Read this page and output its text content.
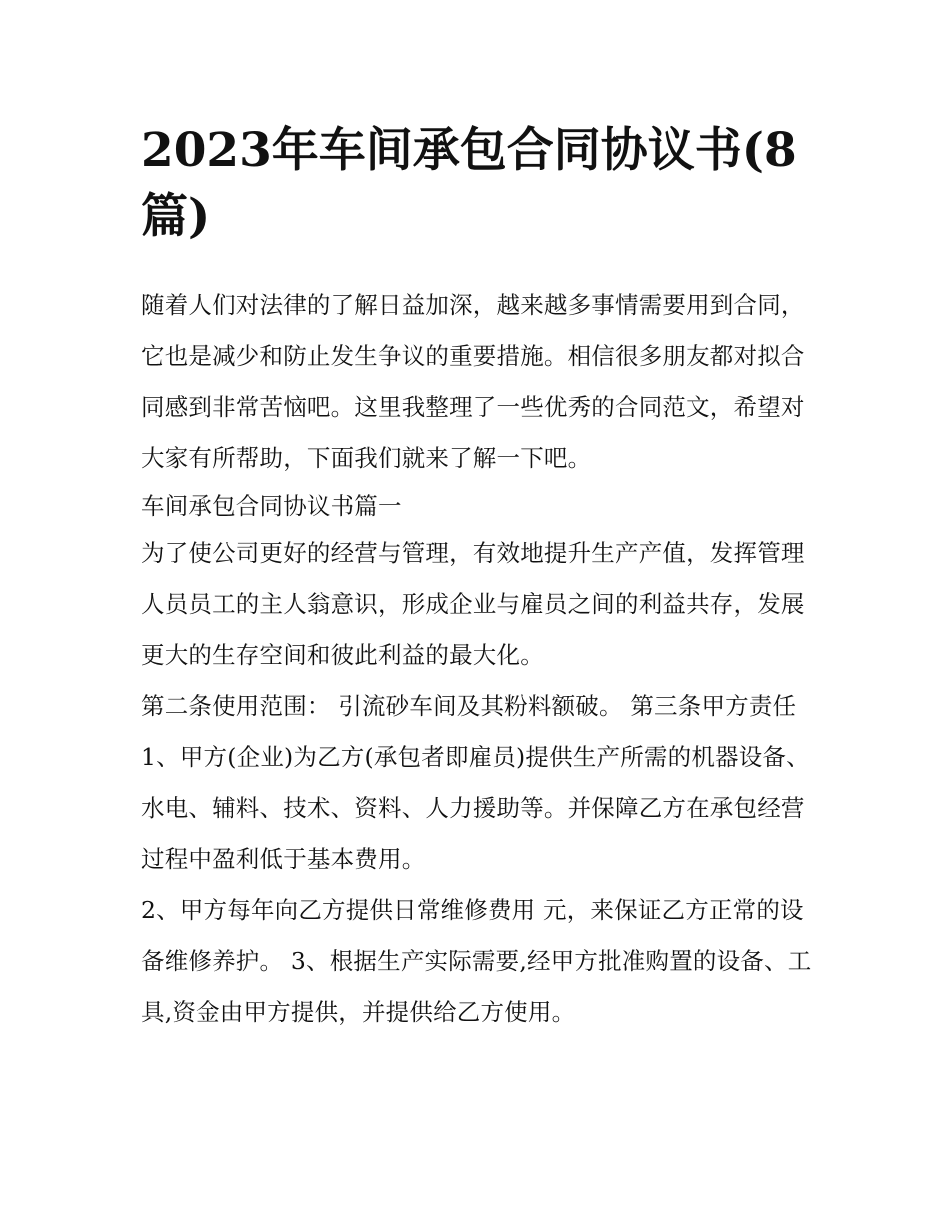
2023年车间承包合同协议书(8篇)

随着人们对法律的了解日益加深，越来越多事情需要用到合同，它也是减少和防止发生争议的重要措施。相信很多朋友都对拟合同感到非常苦恼吧。这里我整理了一些优秀的合同范文，希望对大家有所帮助，下面我们就来了解一下吧。

车间承包合同协议书篇一

为了使公司更好的经营与管理，有效地提升生产产值，发挥管理人员员工的主人翁意识，形成企业与雇员之间的利益共存，发展更大的生存空间和彼此利益的最大化。

第二条使用范围： 引流砂车间及其粉料额破。 第三条甲方责任

1、甲方(企业)为乙方(承包者即雇员)提供生产所需的机器设备、水电、辅料、技术、资料、人力援助等。并保障乙方在承包经营过程中盈利低于基本费用。

2、甲方每年向乙方提供日常维修费用 元，来保证乙方正常的设备维修养护。 3、根据生产实际需要,经甲方批准购置的设备、工具,资金由甲方提供，并提供给乙方使用。
